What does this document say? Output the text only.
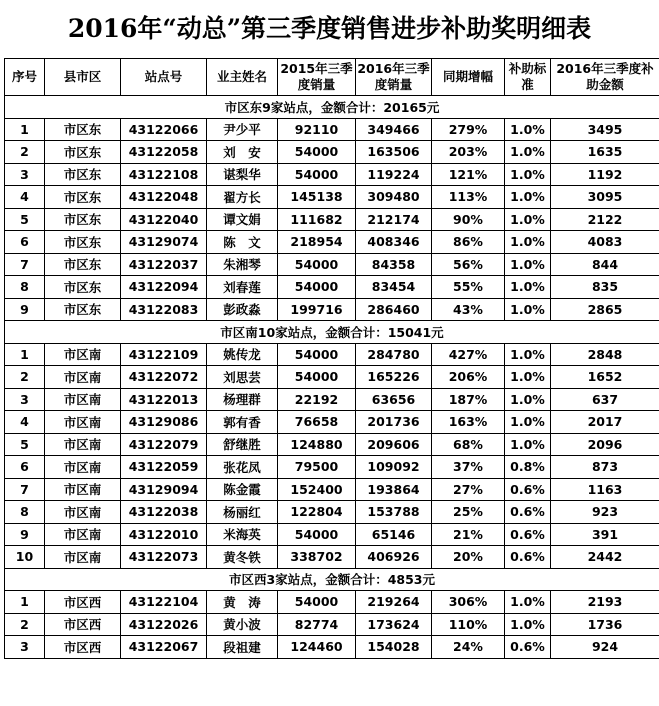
2016年“动总”第三季度销售进步补助奖明细表
序号	县市区	站点号	业主姓名	2015年三季度销量	2016年三季度销量	同期增幅	补助标准	2016年三季度补助金额
市区东9家站点，金额合计：20165元								
1	市区东	43122066	尹少平	92110	349466	279%	1.0%	3495
2	市区东	43122058	刘　安	54000	163506	203%	1.0%	1635
3	市区东	43122108	谌梨华	54000	119224	121%	1.0%	1192
4	市区东	43122048	翟方长	145138	309480	113%	1.0%	3095
5	市区东	43122040	谭文娟	111682	212174	90%	1.0%	2122
6	市区东	43129074	陈　文	218954	408346	86%	1.0%	4083
7	市区东	43122037	朱湘琴	54000	84358	56%	1.0%	844
8	市区东	43122094	刘春莲	54000	83454	55%	1.0%	835
9	市区东	43122083	彭政淼	199716	286460	43%	1.0%	2865
市区南10家站点，金额合计：15041元								
1	市区南	43122109	姚传龙	54000	284780	427%	1.0%	2848
2	市区南	43122072	刘思芸	54000	165226	206%	1.0%	1652
3	市区南	43122013	杨理群	22192	63656	187%	1.0%	637
4	市区南	43129086	郭有香	76658	201736	163%	1.0%	2017
5	市区南	43122079	舒继胜	124880	209606	68%	1.0%	2096
6	市区南	43122059	张花凤	79500	109092	37%	0.8%	873
7	市区南	43129094	陈金霞	152400	193864	27%	0.6%	1163
8	市区南	43122038	杨丽红	122804	153788	25%	0.6%	923
9	市区南	43122010	米海英	54000	65146	21%	0.6%	391
10	市区南	43122073	黄冬铁	338702	406926	20%	0.6%	2442
市区西3家站点，金额合计：4853元								
1	市区西	43122104	黄　涛	54000	219264	306%	1.0%	2193
2	市区西	43122026	黄小波	82774	173624	110%	1.0%	1736
3	市区西	43122067	段祖建	124460	154028	24%	0.6%	924
